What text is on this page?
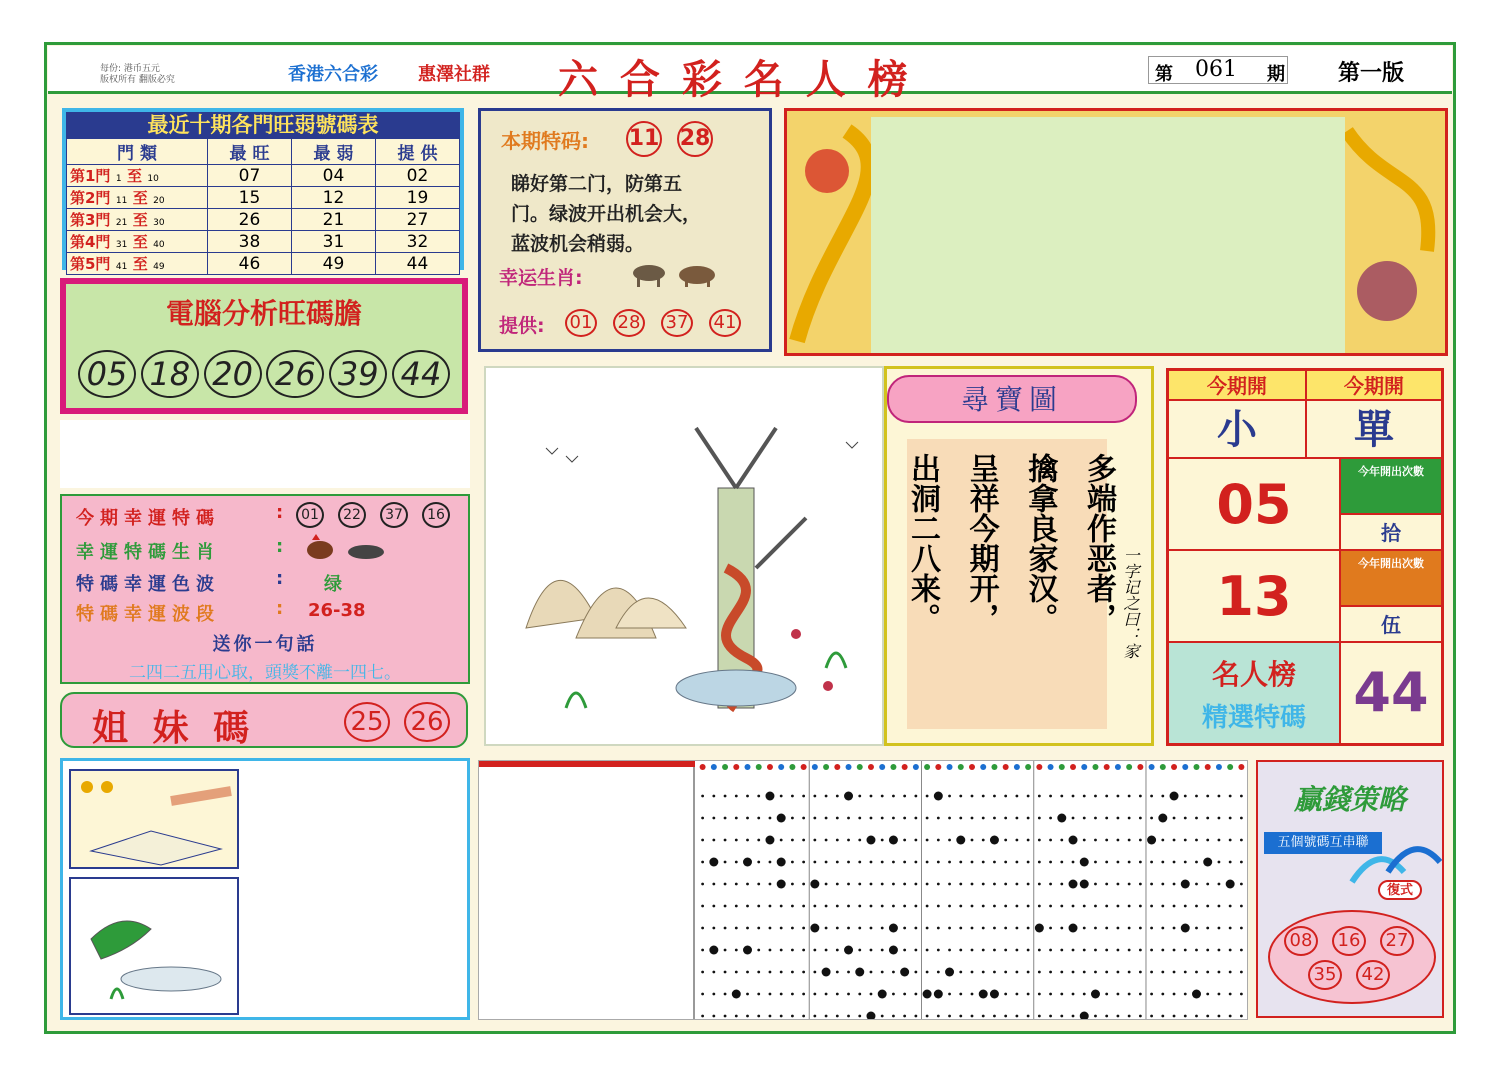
每份: 港币五元
版权所有 翻版必究	香港六合彩 惠澤社群 六 合 彩 名 人 榜	第 061 期 第一版
最近十期各門旺弱號碼表
門 類	最 旺	最 弱	提 供
第1門 1 至 10	07	04	02
第2門 11 至 20	15	12	19
第3門 21 至 30	26	21	27
第4門 31 至 40	38	31	32
第5門 41 至 49	46	49	44
電腦分析旺碼膽
05 18 20 26 39 44
本期特码: 11 28
睇好第二门，防第五
门。绿波开出机会大，
蓝波机会稍弱。
幸运生肖:
提供: 01 28 37 41
今期幸運特碼	:	01	22	37	16
幸運特碼生肖	:
特碼幸運色波	: 绿
特碼幸運波段	: 26-38
送你一句話
二四二五用心取，頭獎不離一四七。
姐 妹 碼	25 26
尋寶圖
多端作恶者，
擒拿良家汉。
呈祥今期开，
出洞二八来。	一字记之曰：家
今期開	今期開
小	單
05
今年開出次數
拾
13
今年開出次數
伍
名人榜
精選特碼 44
贏錢策略
五個號碼互串聯
復式
08	16	27
35	42
